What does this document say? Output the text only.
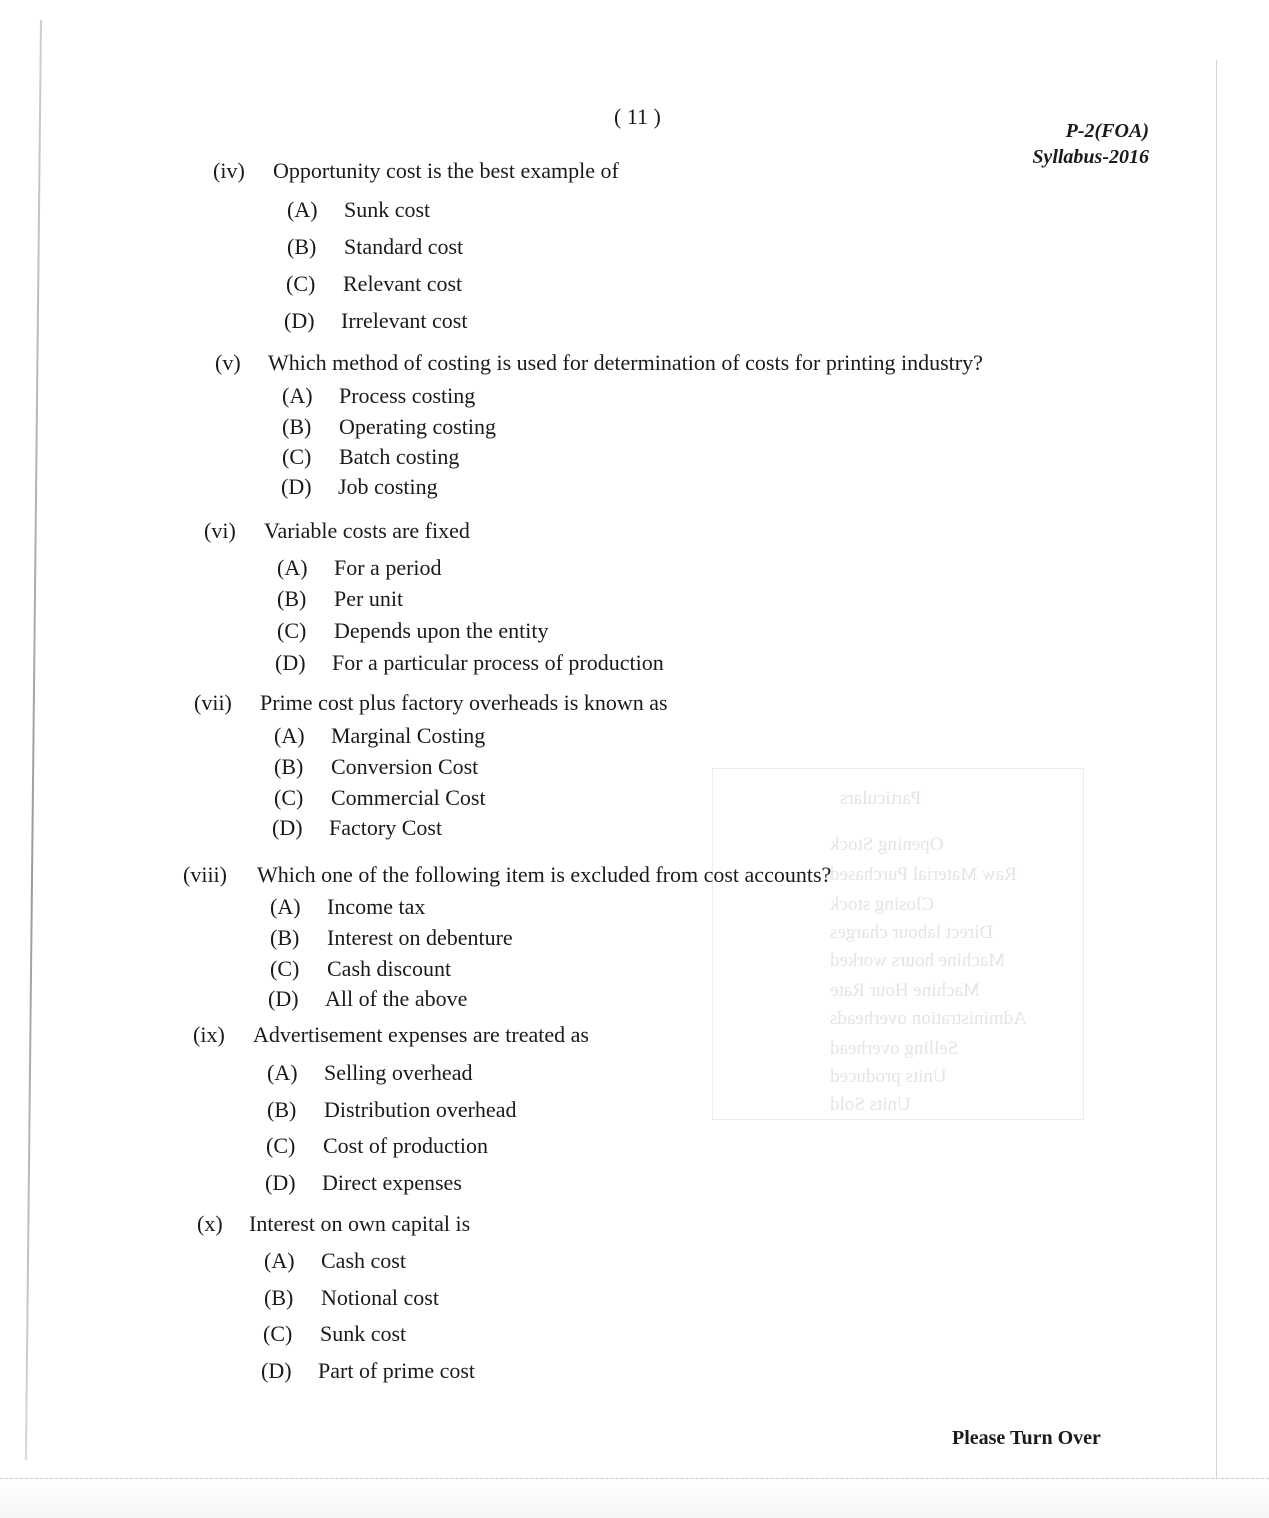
Particulars
Opening Stock
Raw Material Purchased
Closing stock
Direct labour charges
Machine hours worked
Machine Hour Rate
Administration overheads
Selling overhead
Units produced
Units Sold
( 11 )
P-2(FOA)
Syllabus-2016
(iv) Opportunity cost is the best example of
(A) Sunk cost
(B) Standard cost
(C) Relevant cost
(D) Irrelevant cost
(v) Which method of costing is used for determination of costs for printing industry?
(A) Process costing
(B) Operating costing
(C) Batch costing
(D) Job costing
(vi) Variable costs are fixed
(A) For a period
(B) Per unit
(C) Depends upon the entity
(D) For a particular process of production
(vii) Prime cost plus factory overheads is known as
(A) Marginal Costing
(B) Conversion Cost
(C) Commercial Cost
(D) Factory Cost
(viii) Which one of the following item is excluded from cost accounts?
(A) Income tax
(B) Interest on debenture
(C) Cash discount
(D) All of the above
(ix) Advertisement expenses are treated as
(A) Selling overhead
(B) Distribution overhead
(C) Cost of production
(D) Direct expenses
(x) Interest on own capital is
(A) Cash cost
(B) Notional cost
(C) Sunk cost
(D) Part of prime cost
Please Turn Over
